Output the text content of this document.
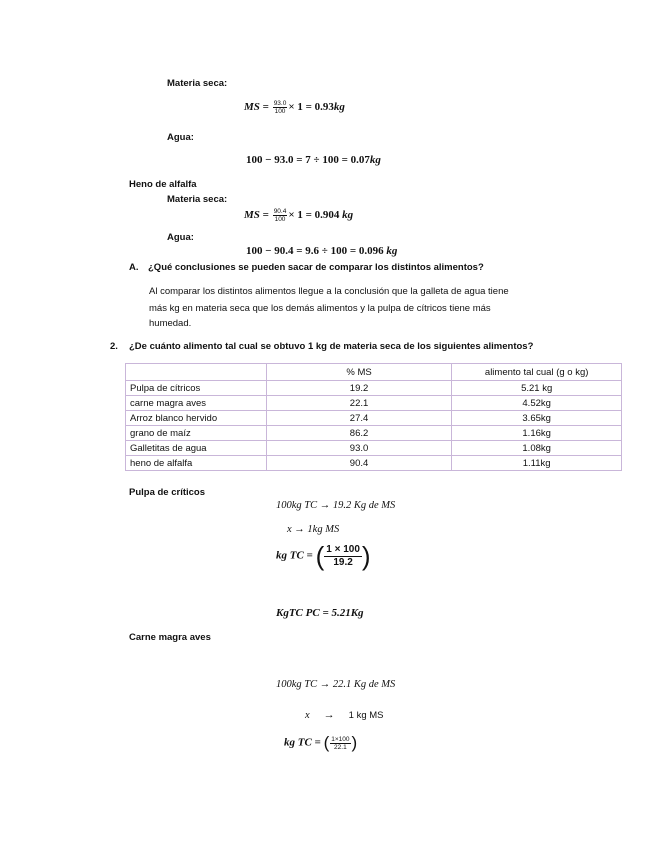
Materia seca:
MS = $\frac{93.0}{100} \times 1 = 0.93kg$
Agua:
100 − 93.0 = 7 ÷ 100 = 0.07kg
Heno de alfalfa
Materia seca:
MS = $\frac{90.4}{100} \times 1 = 0.904$ kg
Agua:
100 − 90.4 = 9.6 ÷ 100 = 0.096 kg
A. ¿Qué conclusiones se pueden sacar de comparar los distintos alimentos?
Al comparar los distintos alimentos llegue a la conclusión que la galleta de agua tiene
más kg en materia seca que los demás alimentos y la pulpa de cítricos tiene más
humedad.
2. ¿De cuánto alimento tal cual se obtuvo 1 kg de materia seca de los siguientes alimentos?
	% MS	alimento tal cual (g o kg)
Pulpa de cítricos	19.2	5.21 kg
carne magra aves	22.1	4.52kg
Arroz blanco hervido	27.4	3.65kg
grano de maíz	86.2	1.16kg
Galletitas de agua	93.0	1.08kg
heno de alfalfa	90.4	1.11kg
Pulpa de críticos
100kg TC → 19.2 Kg de MS
x → 1kg MS
kg TC = ( $\frac{1 \times 100}{19.2}$ )
KgTC PC = 5.21Kg
Carne magra aves
100kg TC → 22.1 Kg de MS
x → 1 kg MS
kg TC = ( $\frac{1\times 100}{22.1}$ )
